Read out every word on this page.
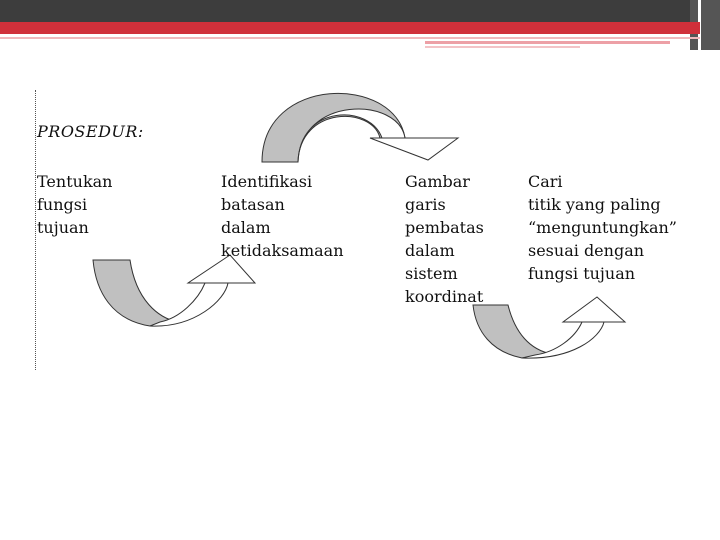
PROSEDUR:

Tentukan
fungsi
tujuan
Identifikasi
batasan
dalam
ketidaksamaan
Gambar
garis
pembatas
dalam
sistem
koordinat
Cari
titik yang paling
“menguntungkan”
sesuai dengan
fungsi tujuan
